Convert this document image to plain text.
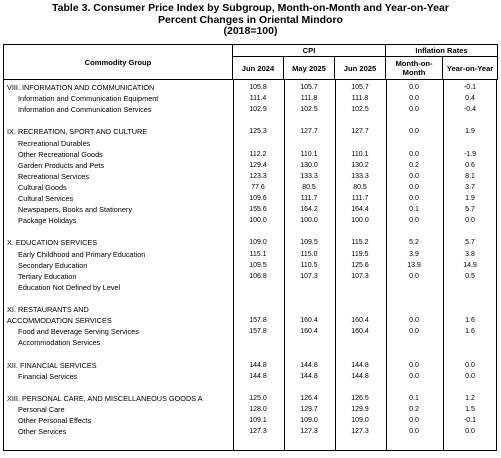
Table 3. Consumer Price Index by Subgroup, Month-on-Month and Year-on-Year
Percent Changes in Oriental Mindoro
(2018=100)
Commodity Group	CPI			Inflation Rates	
	Jun 2024	May 2025	Jun 2025	Month-on-Month	Year-on-Year
VIII. INFORMATION AND COMMUNICATION	105.8	105.7	105.7	0.0	-0.1
Information and Communication Equipment	111.4	111.8	111.8	0.0	0.4
Information and Communication Services	102.9	102.5	102.5	0.0	-0.4
IX. RECREATION, SPORT AND CULTURE	125.3	127.7	127.7	0.0	1.9
Recreational Durables
Other Recreational Goods	112.2	110.1	110.1	0.0	-1.9
Garden Products and Pets	129.4	130.0	130.2	0.2	0.6
Recreational Services	123.3	133.3	133.3	0.0	8.1
Cultural Goods	77.6	80.5	80.5	0.0	3.7
Cultural Services	109.6	111.7	111.7	0.0	1.9
Newspapers, Books and Stationery	155.6	164.2	164.4	0.1	5.7
Package Holidays	100.0	100.0	100.0	0.0	0.0
X. EDUCATION SERVICES	109.0	109.5	115.2	5.2	5.7
Early Childhood and Primary Education	115.1	115.0	119.5	3.9	3.8
Secondary Education	109.5	110.5	125.6	13.9	14.9
Tertiary Education	106.8	107.3	107.3	0.0	0.5
Education Not Defined by Level
XI. RESTAURANTS AND
ACCOMMODATION SERVICES	157.8	160.4	160.4	0.0	1.6
Food and Beverage Serving Services	157.8	160.4	160.4	0.0	1.6
Accommodation Services
XII. FINANCIAL SERVICES	144.8	144.8	144.8	0.0	0.0
Financial Services	144.8	144.8	144.8	0.0	0.0
XIII. PERSONAL CARE, AND MISCELLANEOUS GOODS A	125.0	126.4	126.5	0.1	1.2
Personal Care	128.0	129.7	129.9	0.2	1.5
Other Personal Effects	109.1	109.0	109.0	0.0	-0.1
Other Services	127.3	127.3	127.3	0.0	0.0
